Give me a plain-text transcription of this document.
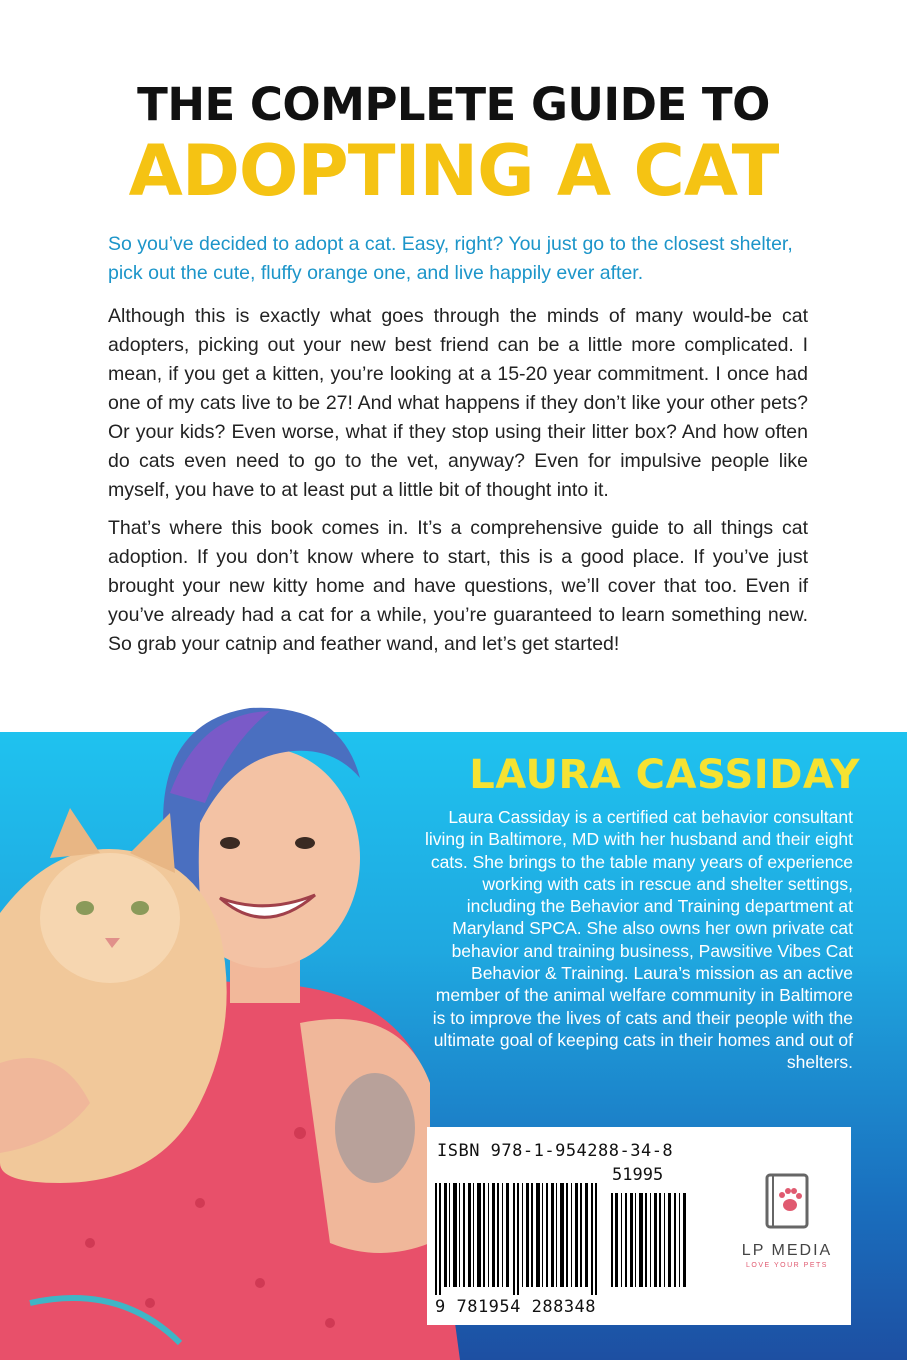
THE COMPLETE GUIDE TO
ADOPTING A CAT
So you’ve decided to adopt a cat. Easy, right? You just go to the closest shelter, pick out the cute, fluffy orange one, and live happily ever after.
Although this is exactly what goes through the minds of many would-be cat adopters, picking out your new best friend can be a little more complicated. I mean, if you get a kitten, you’re looking at a 15-20 year commitment. I once had one of my cats live to be 27! And what happens if they don’t like your other pets? Or your kids? Even worse, what if they stop using their litter box? And how often do cats even need to go to the vet, anyway? Even for impulsive people like myself, you have to at least put a little bit of thought into it.
That’s where this book comes in. It’s a comprehensive guide to all things cat adoption. If you don’t know where to start, this is a good place. If you’ve just brought your new kitty home and have questions, we’ll cover that too. Even if you’ve already had a cat for a while, you’re guaranteed to learn something new. So grab your catnip and feather wand, and let’s get started!
LAURA CASSIDAY
Laura Cassiday is a certified cat behavior consultant living in Baltimore, MD with her husband and their eight cats. She brings to the table many years of experience working with cats in rescue and shelter settings, including the Behavior and Training department at Maryland SPCA. She also owns her own private cat behavior and training business, Pawsitive Vibes Cat Behavior & Training. Laura’s mission as an active member of the animal welfare community in Baltimore is to improve the lives of cats and their people with the ultimate goal of keeping cats in their homes and out of shelters.
ISBN 978-1-954288-34-8
51995
9 781954 288348
LP MEDIA
LOVE YOUR PETS
